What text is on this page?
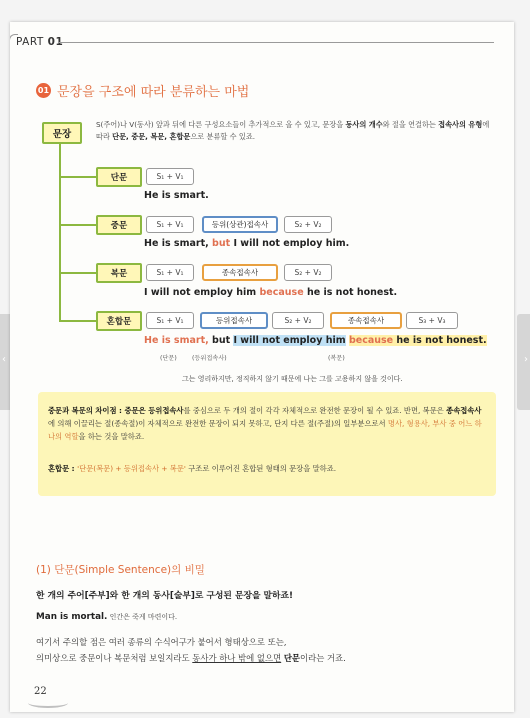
‹	›
PART 01
01 문장을 구조에 따라 분류하는 마법
문장
S(주어)나 V(동사) 앞과 뒤에 다른 구성요소들이 추가적으로 올 수 있고, 문장을 동사의 개수와 절을 연결하는 접속사의 유형에 따라 단문, 중문, 복문, 혼합문으로 분류할 수 있죠.
단문	S₁ + V₁
He is smart.
중문	S₁ + V₁	등위(상관)접속사	S₂ + V₂
He is smart, but I will not employ him.
복문	S₁ + V₁	종속접속사	S₂ + V₂
I will not employ him because he is not honest.
혼합문	S₁ + V₁	등위접속사	S₂ + V₂	종속접속사	S₃ + V₃
He is smart, but I will not employ him because he is not honest.
(단문) (등위접속사)	(복문)
그는 영리하지만, 정직하지 않기 때문에 나는 그를 고용하지 않을 것이다.
중문과 복문의 차이점 : 중문은 등위접속사를 중심으로 두 개의 절이 각각 자체적으로 완전한 문장이 될 수 있죠. 반면, 복문은 종속접속사에 의해 이끌리는 절(종속절)이 자체적으로 완전한 문장이 되지 못하고, 단지 다른 절(주절)의 일부분으로서 명사, 형용사, 부사 중 어느 하나의 역할을 하는 것을 말하죠.
혼합문 : '단문(복문) + 등위접속사 + 복문' 구조로 이루어진 혼합된 형태의 문장을 말하죠.
(1) 단문(Simple Sentence)의 비밀
한 개의 주어[주부]와 한 개의 동사[술부]로 구성된 문장을 말하죠!
Man is mortal. 인간은 죽게 마련이다.
여기서 주의할 점은 여러 종류의 수식어구가 붙어서 형태상으로 또는,
의미상으로 중문이나 복문처럼 보일지라도 동사가 하나 밖에 없으면 단문이라는 거죠.
22
